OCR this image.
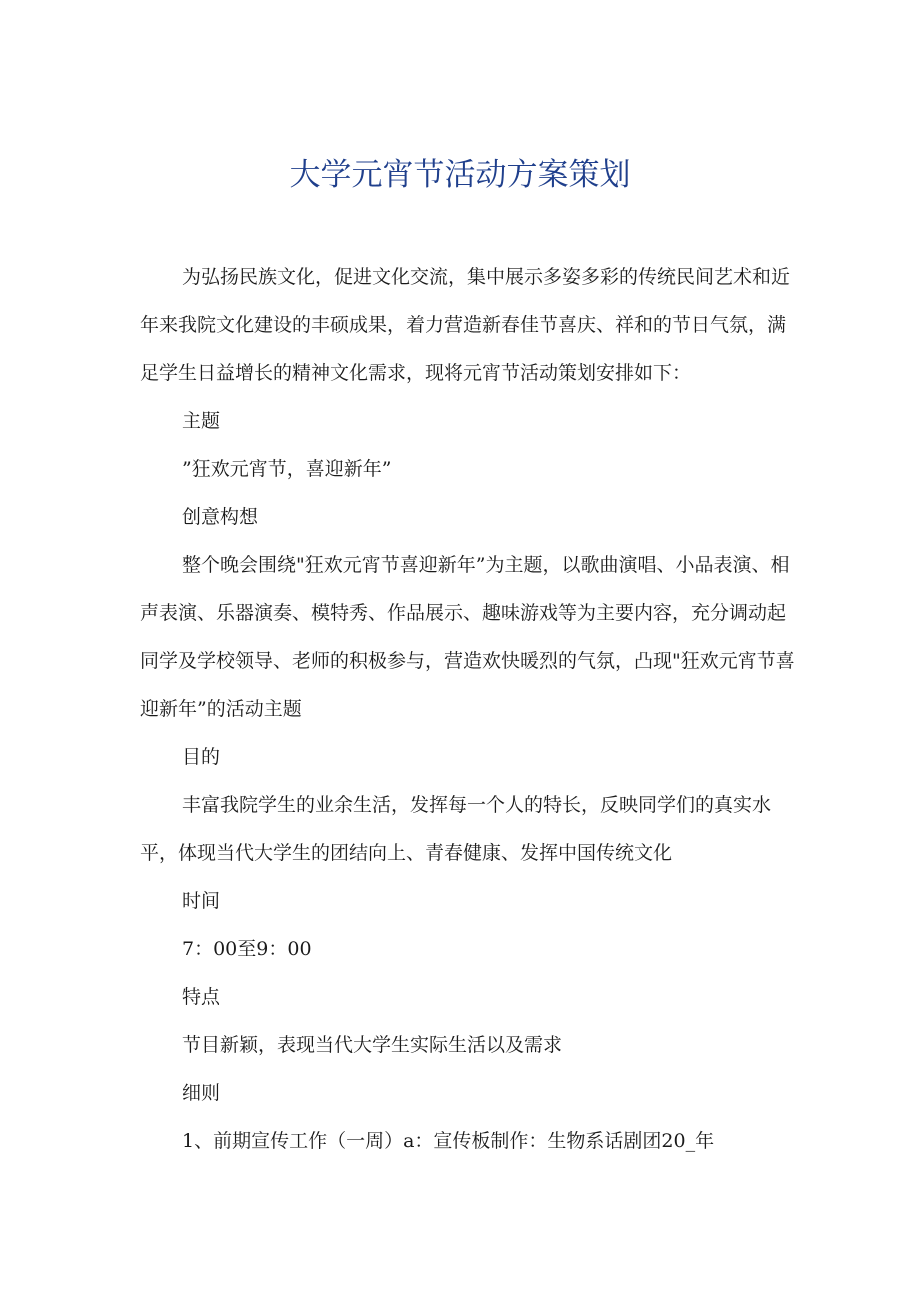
大学元宵节活动方案策划

为弘扬民族文化，促进文化交流，集中展示多姿多彩的传统民间艺术和近年来我院文化建设的丰硕成果，着力营造新春佳节喜庆、祥和的节日气氛，满足学生日益增长的精神文化需求，现将元宵节活动策划安排如下：

主题

”狂欢元宵节，喜迎新年”

创意构想

整个晚会围绕"狂欢元宵节喜迎新年”为主题，以歌曲演唱、小品表演、相声表演、乐器演奏、模特秀、作品展示、趣味游戏等为主要内容，充分调动起同学及学校领导、老师的积极参与，营造欢快暖烈的气氛，凸现"狂欢元宵节喜迎新年”的活动主题

目的

丰富我院学生的业余生活，发挥每一个人的特长，反映同学们的真实水平，体现当代大学生的团结向上、青春健康、发挥中国传统文化

时间

7：00至9：00

特点

节目新颖，表现当代大学生实际生活以及需求

细则

1、前期宣传工作（一周）a：宣传板制作：生物系话剧团20_年
